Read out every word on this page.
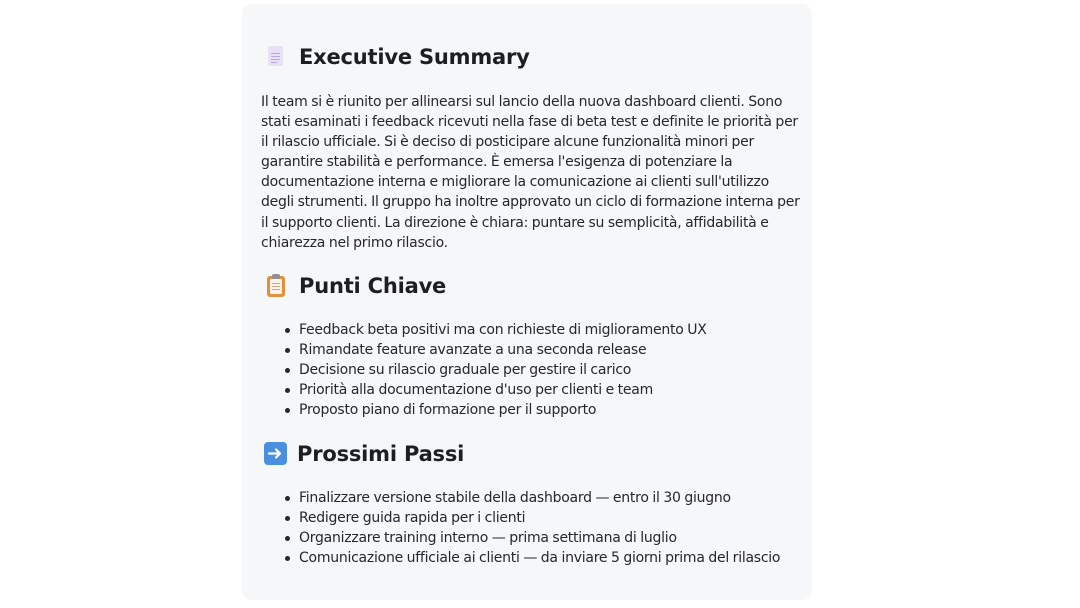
Executive Summary

Il team si è riunito per allinearsi sul lancio della nuova dashboard clienti. Sono stati esaminati i feedback ricevuti nella fase di beta test e definite le priorità per il rilascio ufficiale. Si è deciso di posticipare alcune funzionalità minori per garantire stabilità e performance. È emersa l'esigenza di potenziare la documentazione interna e migliorare la comunicazione ai clienti sull'utilizzo degli strumenti. Il gruppo ha inoltre approvato un ciclo di formazione interna per il supporto clienti. La direzione è chiara: puntare su semplicità, affidabilità e chiarezza nel primo rilascio.

Punti Chiave
Feedback beta positivi ma con richieste di miglioramento UX
Rimandate feature avanzate a una seconda release
Decisione su rilascio graduale per gestire il carico
Priorità alla documentazione d'uso per clienti e team
Proposto piano di formazione per il supporto
Prossimi Passi
Finalizzare versione stabile della dashboard — entro il 30 giugno
Redigere guida rapida per i clienti
Organizzare training interno — prima settimana di luglio
Comunicazione ufficiale ai clienti — da inviare 5 giorni prima del rilascio
